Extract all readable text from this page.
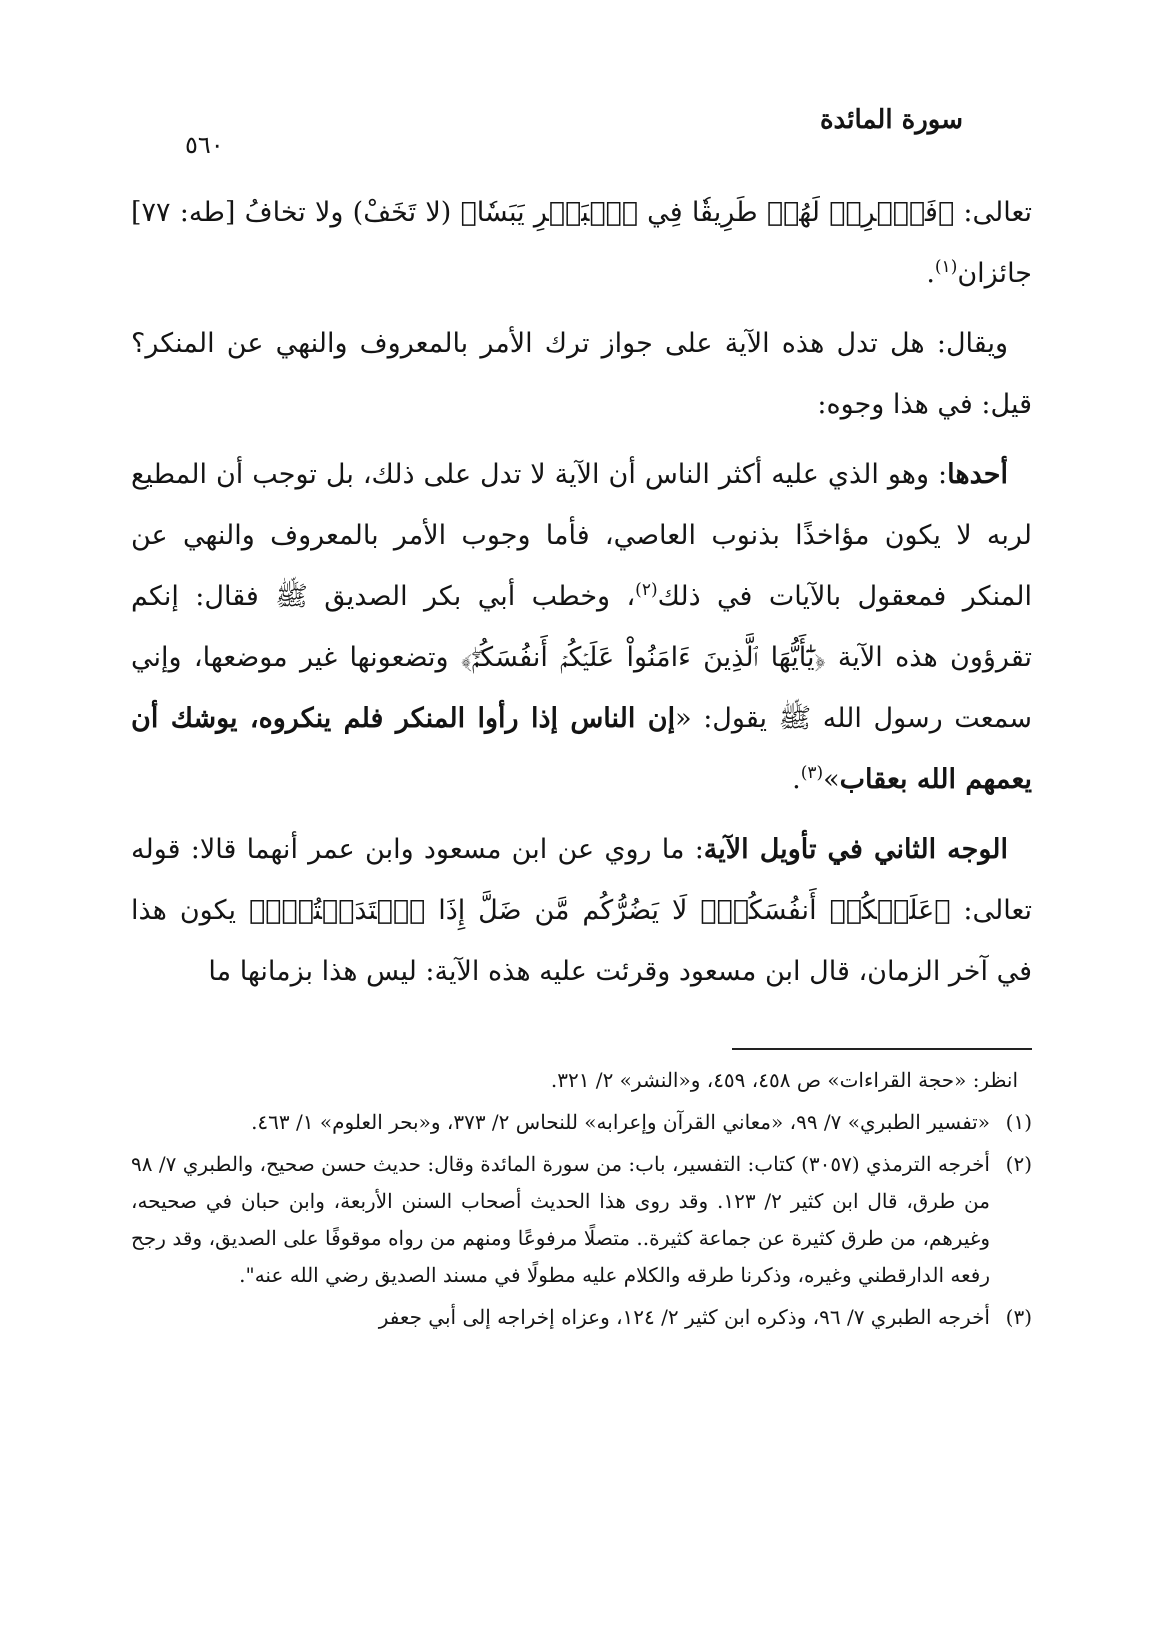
٥٦٠
سورة المائدة

تعالى: ﴿فَٱضۡرِبۡ لَهُمۡ طَرِيقٗا فِي ٱلۡبَحۡرِ يَبَسٗا﴾ (لا تَخَفْ) ولا تخافُ [طه: ٧٧] جائزان$^{(١)}$.

ويقال: هل تدل هذه الآية على جواز ترك الأمر بالمعروف والنهي عن المنكر؟ قيل: في هذا وجوه:

أحدها: وهو الذي عليه أكثر الناس أن الآية لا تدل على ذلك، بل توجب أن المطيع لربه لا يكون مؤاخذًا بذنوب العاصي، فأما وجوب الأمر بالمعروف والنهي عن المنكر فمعقول بالآيات في ذلك$^{(٢)}$، وخطب أبي بكر الصديق ﷺ فقال: إنكم تقرؤون هذه الآية ﴿يَٰٓأَيُّهَا ٱلَّذِينَ ءَامَنُواْ عَلَيۡكُمۡ أَنفُسَكُمۡۖ﴾ وتضعونها غير موضعها، وإني سمعت رسول الله ﷺ يقول: «إن الناس إذا رأوا المنكر فلم ينكروه، يوشك أن يعمهم الله بعقاب»$^{(٣)}$.

الوجه الثاني في تأويل الآية: ما روي عن ابن مسعود وابن عمر أنهما قالا: قوله تعالى: ﴿عَلَيۡكُمۡ أَنفُسَكُمۡۖ لَا يَضُرُّكُم مَّن ضَلَّ إِذَا ٱهۡتَدَيۡتُمۡۚ﴾ يكون هذا في آخر الزمان، قال ابن مسعود وقرئت عليه هذه الآية: ليس هذا بزمانها ما

انظر: «حجة القراءات» ص ٤٥٨، ٤٥٩، و«النشر» ٢/ ٣٢١.
(١)
«تفسير الطبري» ٧/ ٩٩، «معاني القرآن وإعرابه» للنحاس ٢/ ٣٧٣، و«بحر العلوم» ١/ ٤٦٣.
(٢)
أخرجه الترمذي (٣٠٥٧) كتاب: التفسير، باب: من سورة المائدة وقال: حديث حسن صحيح، والطبري ٧/ ٩٨ من طرق، قال ابن كثير ٢/ ١٢٣. وقد روى هذا الحديث أصحاب السنن الأربعة، وابن حبان في صحيحه، وغيرهم، من طرق كثيرة عن جماعة كثيرة.. متصلًا مرفوعًا ومنهم من رواه موقوفًا على الصديق، وقد رجح رفعه الدارقطني وغيره، وذكرنا طرقه والكلام عليه مطولًا في مسند الصديق رضي الله عنه".
(٣)
أخرجه الطبري ٧/ ٩٦، وذكره ابن كثير ٢/ ١٢٤، وعزاه إخراجه إلى أبي جعفر
